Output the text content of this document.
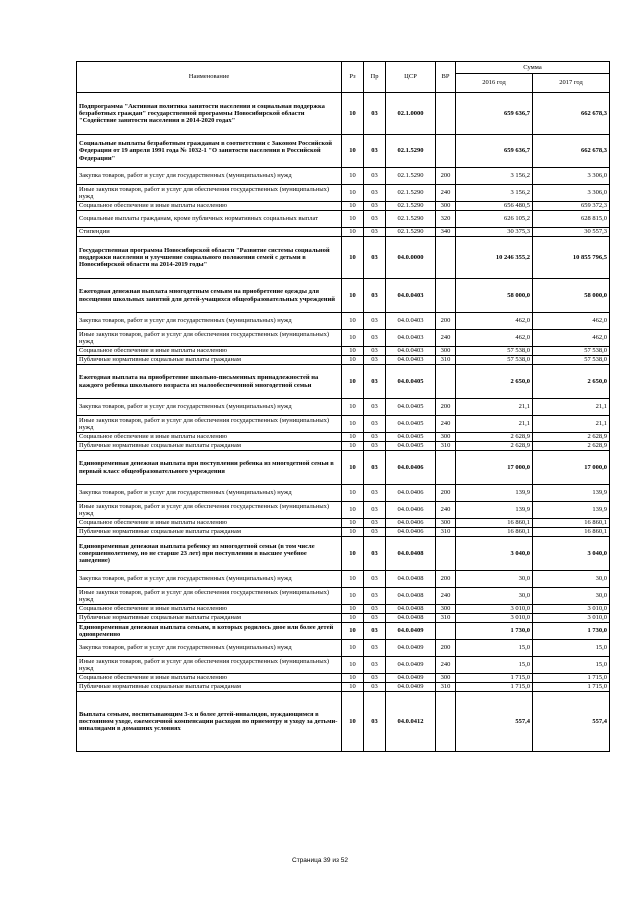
Наименование	Рз	Пр	ЦСР	ВР	Сумма	
					2016 год	2017 год
Подпрограмма "Активная политика занятости населения и социальная поддержка безработных граждан" государственной программы Новосибирской области "Содействие занятости населения в 2014-2020 годах"	10	03	02.1.0000		659 636,7	662 678,3
Социальные выплаты безработным гражданам в соответствии с Законом Российской Федерации от 19 апреля 1991 года № 1032-1 "О занятости населения в Российской Федерации"	10	03	02.1.5290		659 636,7	662 678,3
Закупка товаров, работ и услуг для государственных (муниципальных) нужд	10	03	02.1.5290	200	3 156,2	3 306,0
Иные закупки товаров, работ и услуг для обеспечения государственных (муниципальных) нужд	10	03	02.1.5290	240	3 156,2	3 306,0
Социальное обеспечение и иные выплаты населению	10	03	02.1.5290	300	656 480,5	659 372,3
Социальные выплаты гражданам, кроме публичных нормативных социальных выплат	10	03	02.1.5290	320	626 105,2	628 815,0
Стипендии	10	03	02.1.5290	340	30 375,3	30 557,3
Государственная программа Новосибирской области "Развитие системы социальной поддержки населения и улучшение социального положения семей с детьми в Новосибирской области на 2014-2019 годы"	10	03	04.0.0000		10 246 355,2	10 855 796,5
Ежегодная денежная выплата многодетным семьям на приобретение одежды для посещения школьных занятий для детей-учащихся общеобразовательных учреждений	10	03	04.0.0403		58 000,0	58 000,0
Закупка товаров, работ и услуг для государственных (муниципальных) нужд	10	03	04.0.0403	200	462,0	462,0
Иные закупки товаров, работ и услуг для обеспечения государственных (муниципальных) нужд	10	03	04.0.0403	240	462,0	462,0
Социальное обеспечение и иные выплаты населению	10	03	04.0.0403	300	57 538,0	57 538,0
Публичные нормативные социальные выплаты гражданам	10	03	04.0.0403	310	57 538,0	57 538,0
Ежегодная выплата на приобретение школьно-письменных принадлежностей на каждого ребенка школьного возраста из малообеспеченной многодетной семьи	10	03	04.0.0405		2 650,0	2 650,0
Закупка товаров, работ и услуг для государственных (муниципальных) нужд	10	03	04.0.0405	200	21,1	21,1
Иные закупки товаров, работ и услуг для обеспечения государственных (муниципальных) нужд	10	03	04.0.0405	240	21,1	21,1
Социальное обеспечение и иные выплаты населению	10	03	04.0.0405	300	2 628,9	2 628,9
Публичные нормативные социальные выплаты гражданам	10	03	04.0.0405	310	2 628,9	2 628,9
Единовременная денежная выплата при поступлении ребенка из многодетной семьи в первый класс общеобразовательного учреждения	10	03	04.0.0406		17 000,0	17 000,0
Закупка товаров, работ и услуг для государственных (муниципальных) нужд	10	03	04.0.0406	200	139,9	139,9
Иные закупки товаров, работ и услуг для обеспечения государственных (муниципальных) нужд	10	03	04.0.0406	240	139,9	139,9
Социальное обеспечение и иные выплаты населению	10	03	04.0.0406	300	16 860,1	16 860,1
Публичные нормативные социальные выплаты гражданам	10	03	04.0.0406	310	16 860,1	16 860,1
Единовременная денежная выплата ребенку из многодетной семьи (в том числе совершеннолетнему, но не старше 23 лет) при поступлении в высшее учебное заведение)	10	03	04.0.0408		3 040,0	3 040,0
Закупка товаров, работ и услуг для государственных (муниципальных) нужд	10	03	04.0.0408	200	30,0	30,0
Иные закупки товаров, работ и услуг для обеспечения государственных (муниципальных) нужд	10	03	04.0.0408	240	30,0	30,0
Социальное обеспечение и иные выплаты населению	10	03	04.0.0408	300	3 010,0	3 010,0
Публичные нормативные социальные выплаты гражданам	10	03	04.0.0408	310	3 010,0	3 010,0
Единовременная денежная выплата семьям, в которых родилось двое или более детей одновременно	10	03	04.0.0409		1 730,0	1 730,0
Закупка товаров, работ и услуг для государственных (муниципальных) нужд	10	03	04.0.0409	200	15,0	15,0
Иные закупки товаров, работ и услуг для обеспечения государственных (муниципальных) нужд	10	03	04.0.0409	240	15,0	15,0
Социальное обеспечение и иные выплаты населению	10	03	04.0.0409	300	1 715,0	1 715,0
Публичные нормативные социальные выплаты гражданам	10	03	04.0.0409	310	1 715,0	1 715,0
Выплата семьям, воспитывающим 3-х и более детей-инвалидов, нуждающимся в постоянном уходе, ежемесячной компенсации расходов по приемотру и уходу за детьми-инвалидами в домашних условиях	10	03	04.0.0412		557,4	557,4
Страница 39 из 52
